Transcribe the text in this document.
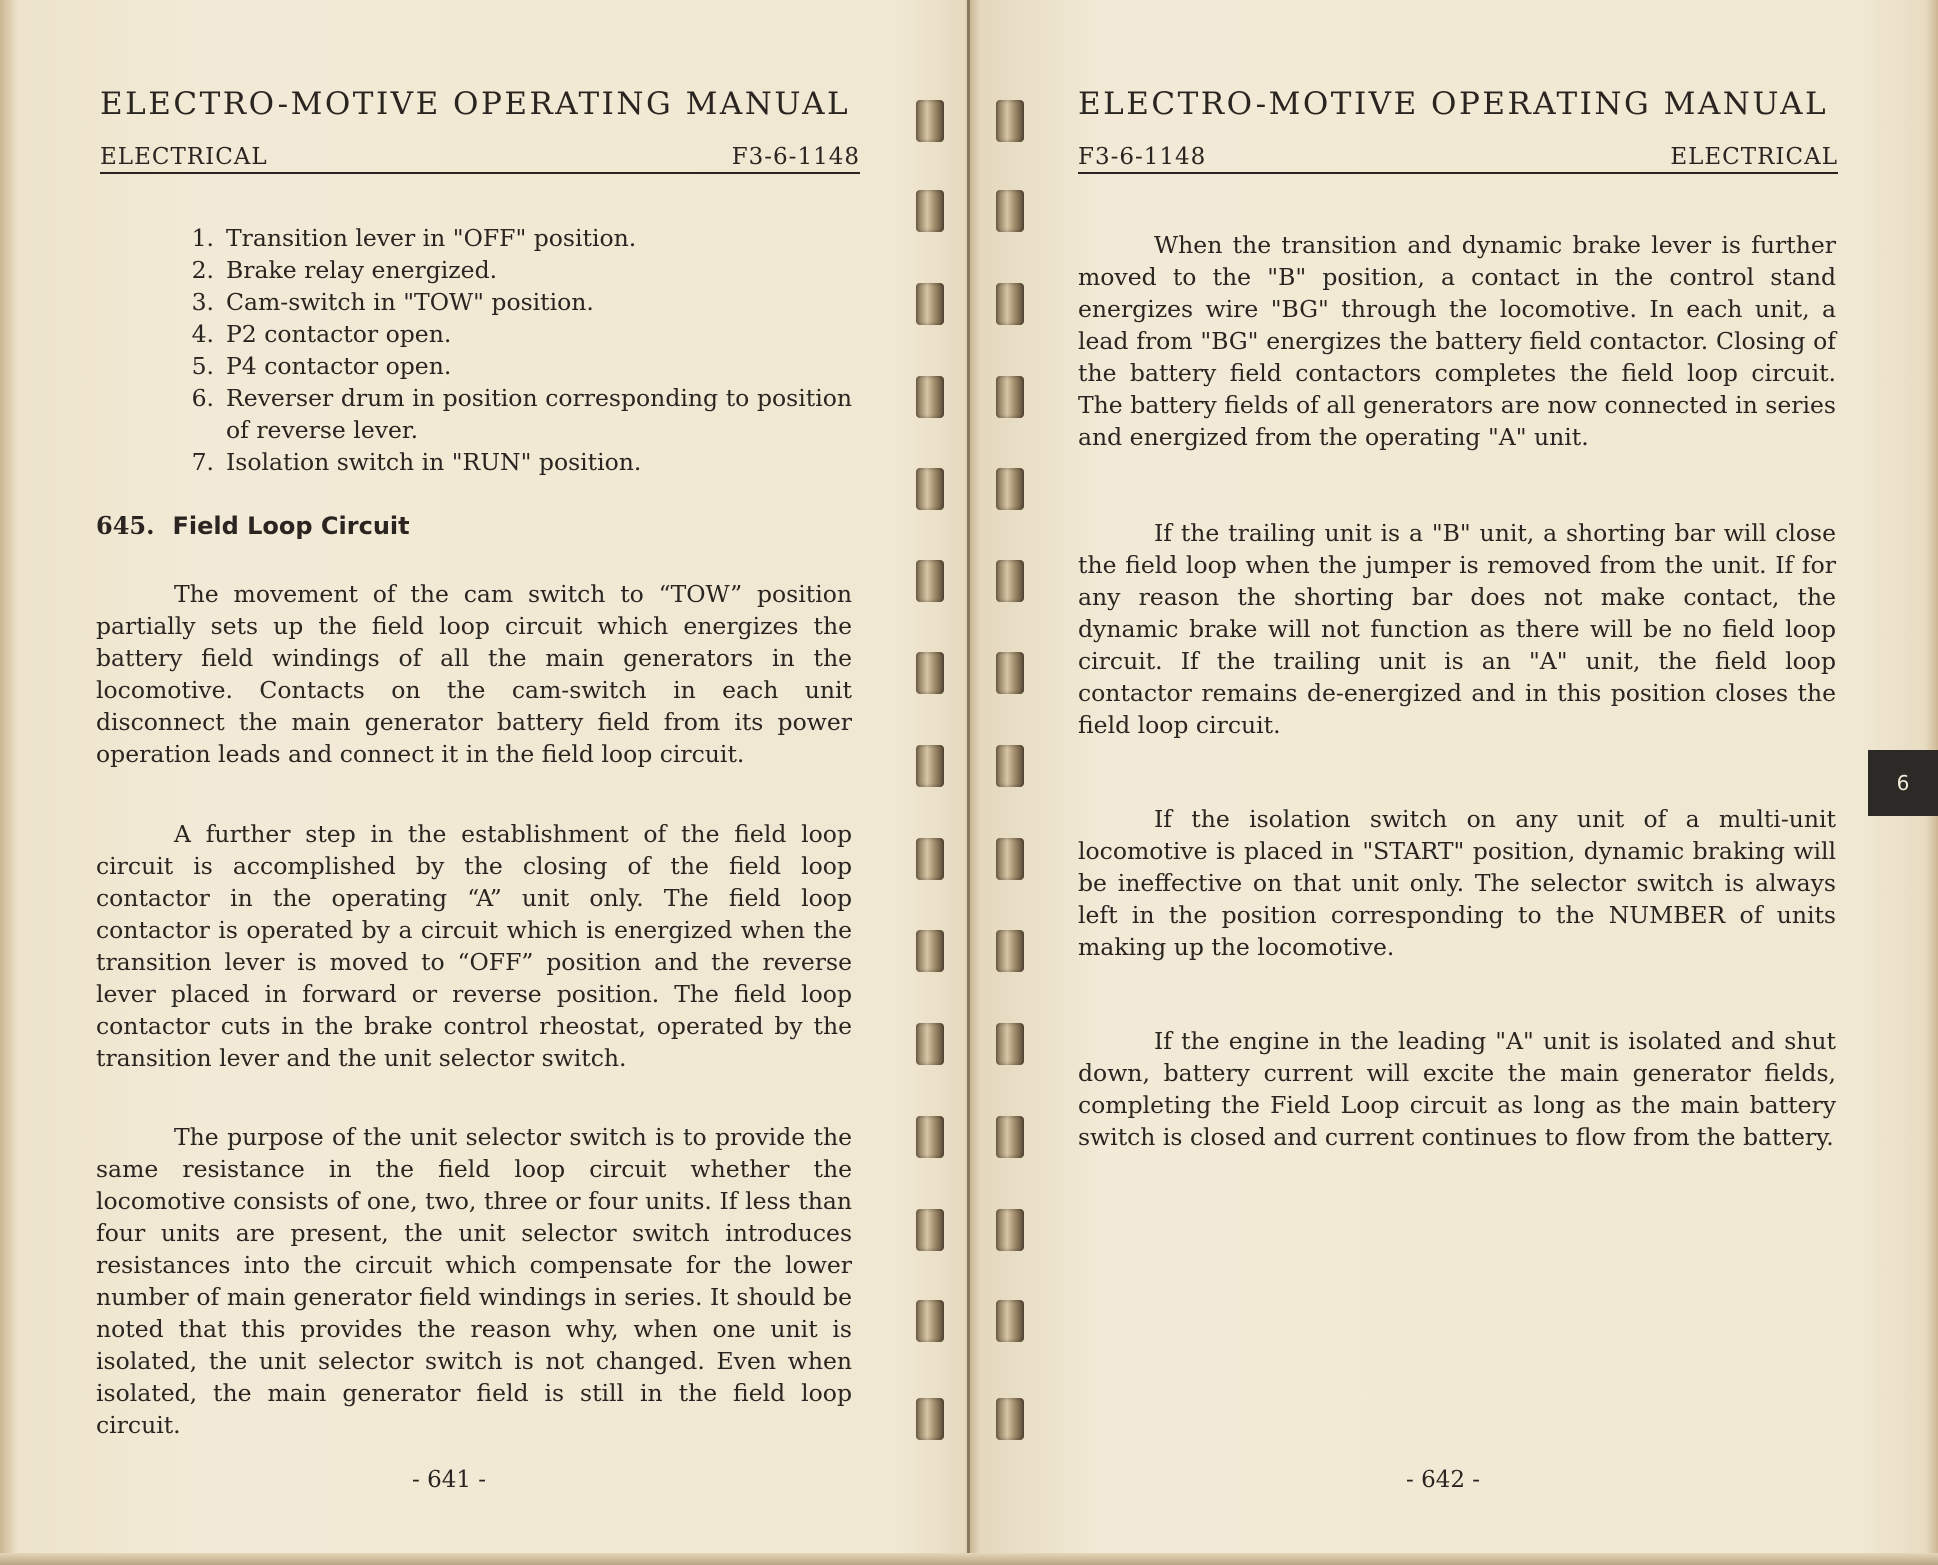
ELECTRO-MOTIVE OPERATING MANUAL
ELECTRICAL	F3-6-1148
1. Transition lever in "OFF" position.
2. Brake relay energized.
3. Cam-switch in "TOW" position.
4. P2 contactor open.
5. P4 contactor open.
6. Reverser drum in position corresponding to position of reverse lever.
7. Isolation switch in "RUN" position.
645. Field Loop Circuit

The movement of the cam switch to “TOW” position partially sets up the field loop circuit which energizes the battery field windings of all the main generators in the locomotive. Contacts on the cam-switch in each unit disconnect the main generator battery field from its power operation leads and connect it in the field loop circuit.

A further step in the establishment of the field loop circuit is accomplished by the closing of the field loop contactor in the operating “A” unit only. The field loop contactor is operated by a circuit which is energized when the transition lever is moved to “OFF” position and the reverse lever placed in forward or reverse position. The field loop contactor cuts in the brake control rheostat, operated by the transition lever and the unit selector switch.

The purpose of the unit selector switch is to provide the same resistance in the field loop circuit whether the locomotive consists of one, two, three or four units. If less than four units are present, the unit selector switch introduces resistances into the circuit which compensate for the lower number of main generator field windings in series. It should be noted that this provides the reason why, when one unit is isolated, the unit selector switch is not changed. Even when isolated, the main generator field is still in the field loop circuit.

- 641 -
ELECTRO-MOTIVE OPERATING MANUAL
F3-6-1148	ELECTRICAL

When the transition and dynamic brake lever is further moved to the "B" position, a contact in the control stand energizes wire "BG" through the locomotive. In each unit, a lead from "BG" energizes the battery field contactor. Closing of the battery field contactors completes the field loop circuit. The battery fields of all generators are now connected in series and energized from the operating "A" unit.

If the trailing unit is a "B" unit, a shorting bar will close the field loop when the jumper is removed from the unit. If for any reason the shorting bar does not make contact, the dynamic brake will not function as there will be no field loop circuit. If the trailing unit is an "A" unit, the field loop contactor remains de-energized and in this position closes the field loop circuit.

If the isolation switch on any unit of a multi-unit locomotive is placed in "START" position, dynamic braking will be ineffective on that unit only. The selector switch is always left in the position corresponding to the NUMBER of units making up the locomotive.

If the engine in the leading "A" unit is isolated and shut down, battery current will excite the main generator fields, completing the Field Loop circuit as long as the main battery switch is closed and current continues to flow from the battery.

- 642 -
6
